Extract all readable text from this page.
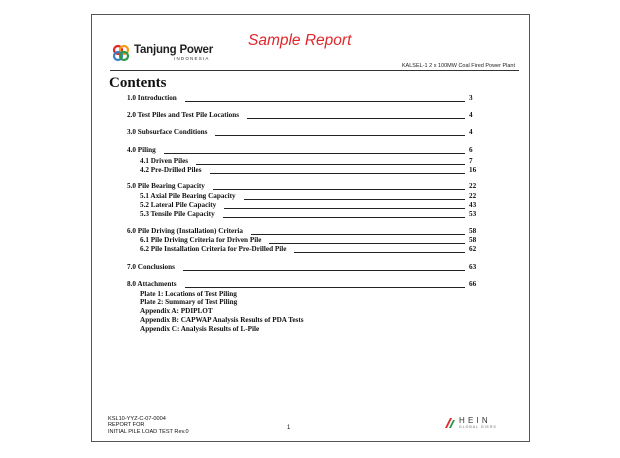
Sample Report
Tanjung Power
INDONESIA
KALSEL-1 2 x 100MW Coal Fired Power Plant
Contents
1.0 Introduction	3
2.0 Test Piles and Test Pile Locations	4
3.0 Subsurface Conditions	4
4.0 Piling	6
4.1 Driven Piles	7
4.2 Pre-Drilled Piles	16
5.0 Pile Bearing Capacity	22
5.1 Axial Pile Bearing Capacity	22
5.2 Lateral Pile Capacity	43
5.3 Tensile Pile Capacity	53
6.0 Pile Driving (Installation) Criteria	58
6.1 Pile Driving Criteria for Driven Pile	58
6.2 Pile Installation Criteria for Pre-Drilled Pile	62
7.0 Conclusions	63
8.0 Attachments	66
Plate 1: Locations of Test Piling
Plate 2: Summary of Test Piling
Appendix A: PDIPLOT
Appendix B: CAPWAP Analysis Results of PDA Tests
Appendix C: Analysis Results of L-Pile
KSL10-YYZ-C-07-0004
REPORT FOR
INITIAL PILE LOAD TEST Rev.0
1
HEIN
GLOBAL GIERS
